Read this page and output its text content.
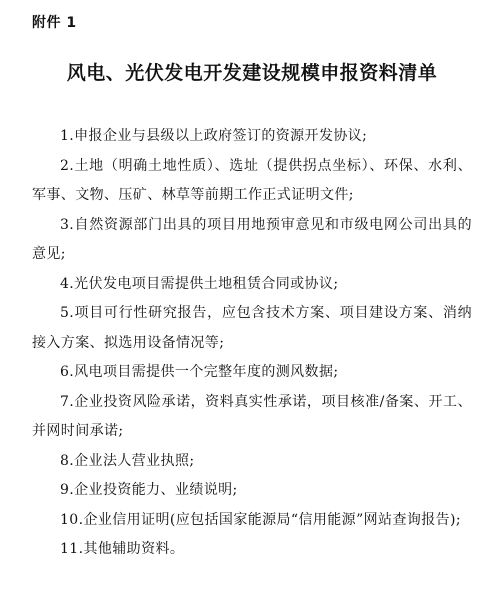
附件 1
风电、光伏发电开发建设规模申报资料清单
1.申报企业与县级以上政府签订的资源开发协议;
2.土地（明确土地性质）、选址（提供拐点坐标）、环保、水利、军事、文物、压矿、林草等前期工作正式证明文件;
3.自然资源部门出具的项目用地预审意见和市级电网公司出具的意见;
4.光伏发电项目需提供土地租赁合同或协议;
5.项目可行性研究报告，应包含技术方案、项目建设方案、消纳接入方案、拟选用设备情况等;
6.风电项目需提供一个完整年度的测风数据;
7.企业投资风险承诺，资料真实性承诺，项目核准/备案、开工、并网时间承诺;
8.企业法人营业执照;
9.企业投资能力、业绩说明;
10.企业信用证明(应包括国家能源局“信用能源”网站查询报告);
11.其他辅助资料。
